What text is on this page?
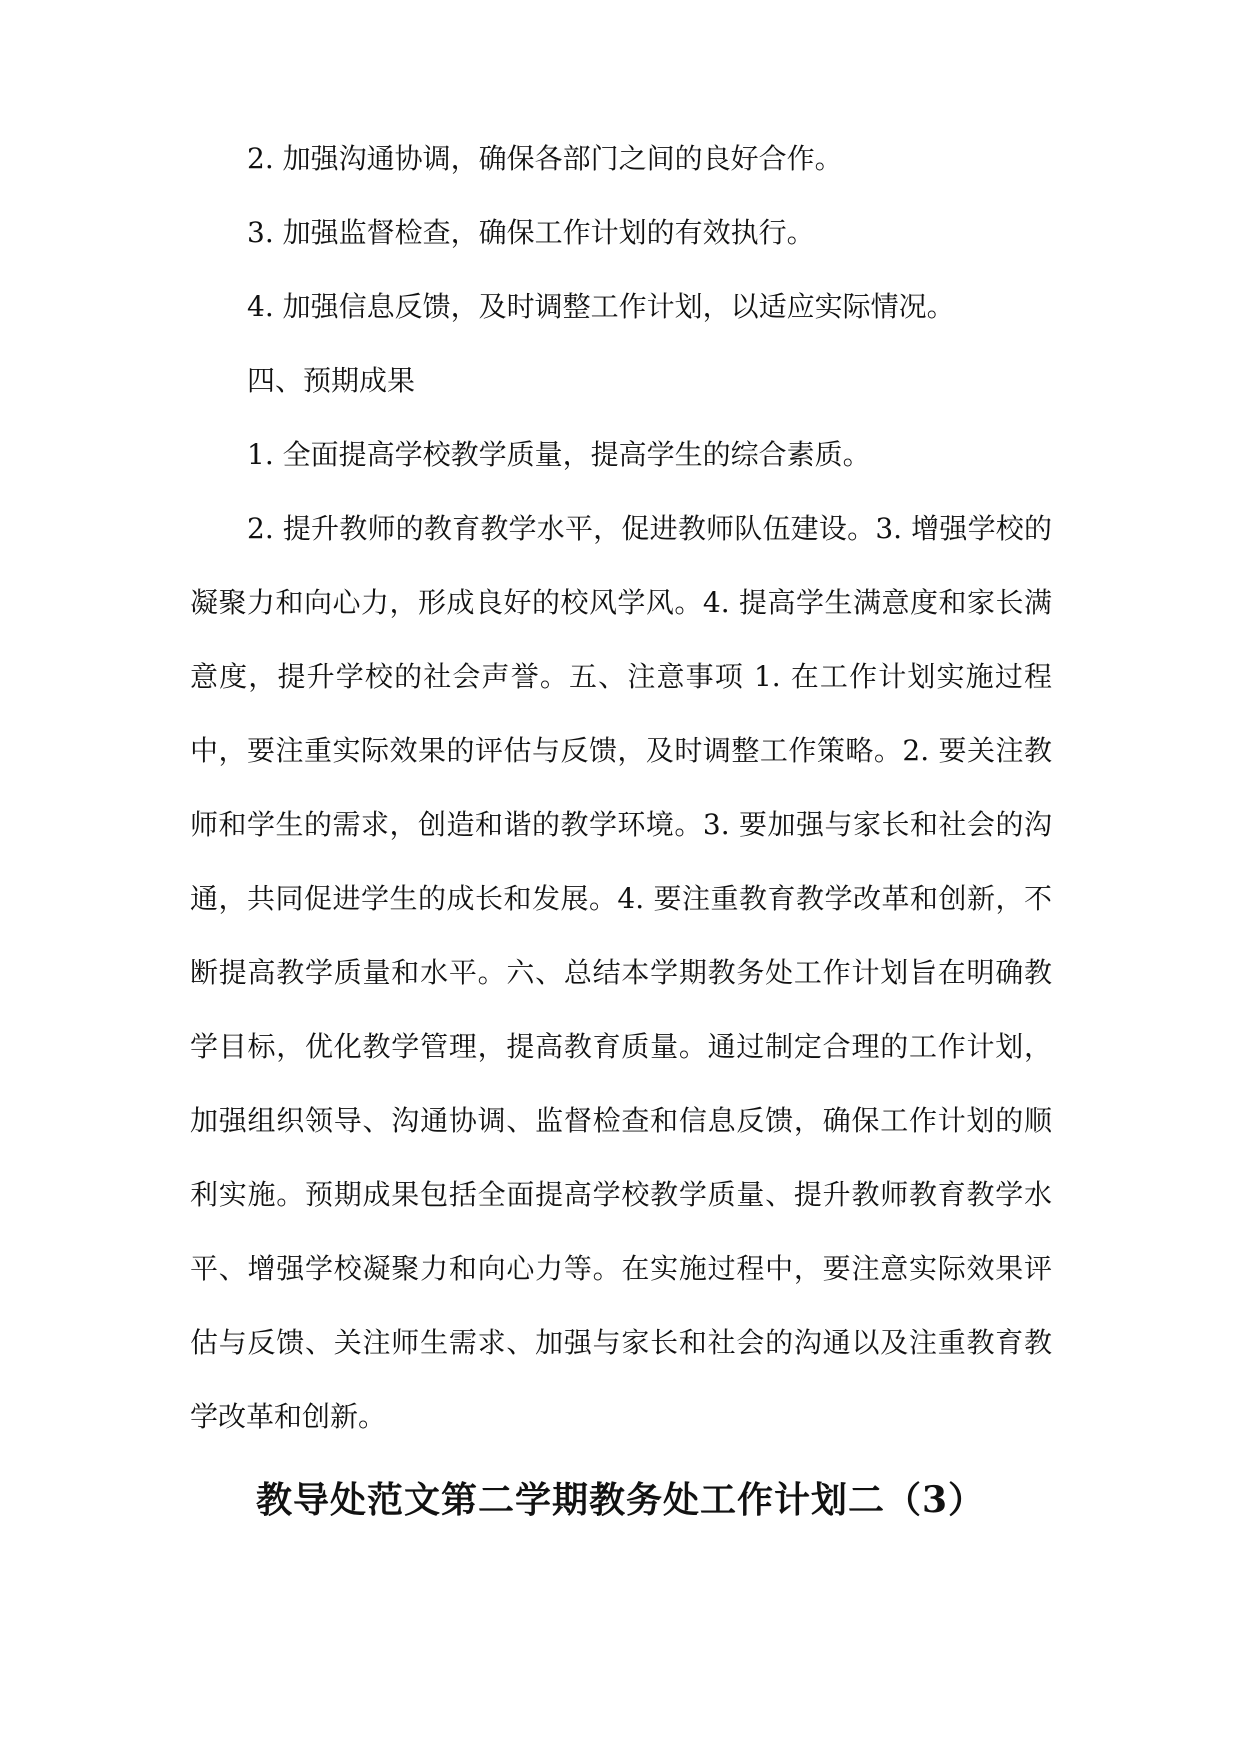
2. 加强沟通协调，确保各部门之间的良好合作。
3. 加强监督检查，确保工作计划的有效执行。
4. 加强信息反馈，及时调整工作计划，以适应实际情况。
四、预期成果
1. 全面提高学校教学质量，提高学生的综合素质。

2. 提升教师的教育教学水平，促进教师队伍建设。3. 增强学校的凝聚力和向心力，形成良好的校风学风。4. 提高学生满意度和家长满意度，提升学校的社会声誉。五、注意事项 1. 在工作计划实施过程中，要注重实际效果的评估与反馈，及时调整工作策略。2. 要关注教师和学生的需求，创造和谐的教学环境。3. 要加强与家长和社会的沟通，共同促进学生的成长和发展。4. 要注重教育教学改革和创新，不断提高教学质量和水平。六、总结本学期教务处工作计划旨在明确教学目标，优化教学管理，提高教育质量。通过制定合理的工作计划，加强组织领导、沟通协调、监督检查和信息反馈，确保工作计划的顺利实施。预期成果包括全面提高学校教学质量、提升教师教育教学水平、增强学校凝聚力和向心力等。在实施过程中，要注意实际效果评估与反馈、关注师生需求、加强与家长和社会的沟通以及注重教育教学改革和创新。

教导处范文第二学期教务处工作计划二（3）
